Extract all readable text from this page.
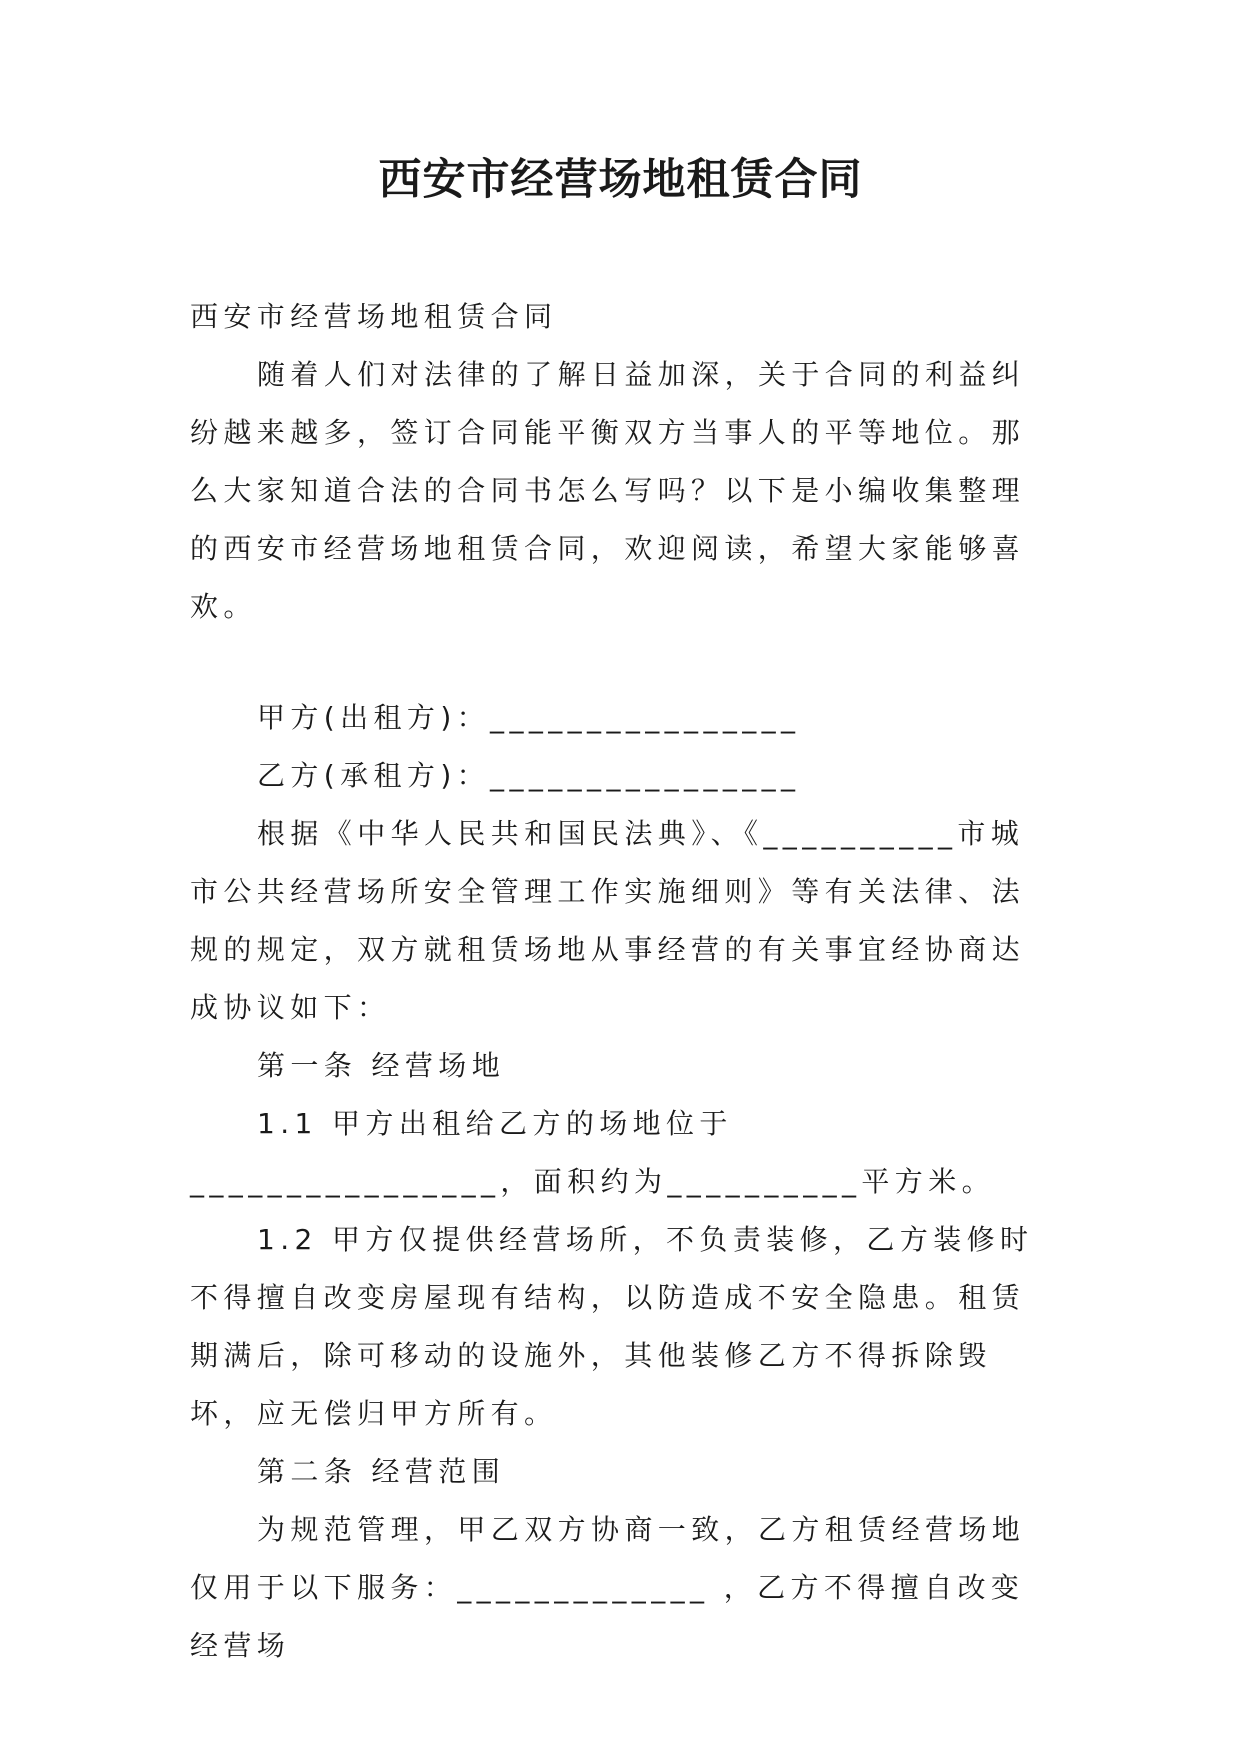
西安市经营场地租赁合同

西安市经营场地租赁合同

随着人们对法律的了解日益加深，关于合同的利益纠纷越来越多，签订合同能平衡双方当事人的平等地位。那么大家知道合法的合同书怎么写吗？以下是小编收集整理的西安市经营场地租赁合同，欢迎阅读，希望大家能够喜欢。

甲方(出租方)：________________

乙方(承租方)：________________

根据《中华人民共和国民法典》、《__________市城市公共经营场所安全管理工作实施细则》等有关法律、法规的规定，双方就租赁场地从事经营的有关事宜经协商达成协议如下：

第一条 经营场地

1.1 甲方出租给乙方的场地位于________________，面积约为__________平方米。

1.2 甲方仅提供经营场所，不负责装修，乙方装修时不得擅自改变房屋现有结构，以防造成不安全隐患。租赁期满后，除可移动的设施外，其他装修乙方不得拆除毁坏，应无偿归甲方所有。

第二条 经营范围

为规范管理，甲乙双方协商一致，乙方租赁经营场地仅用于以下服务：_____________ ，乙方不得擅自改变经营场
